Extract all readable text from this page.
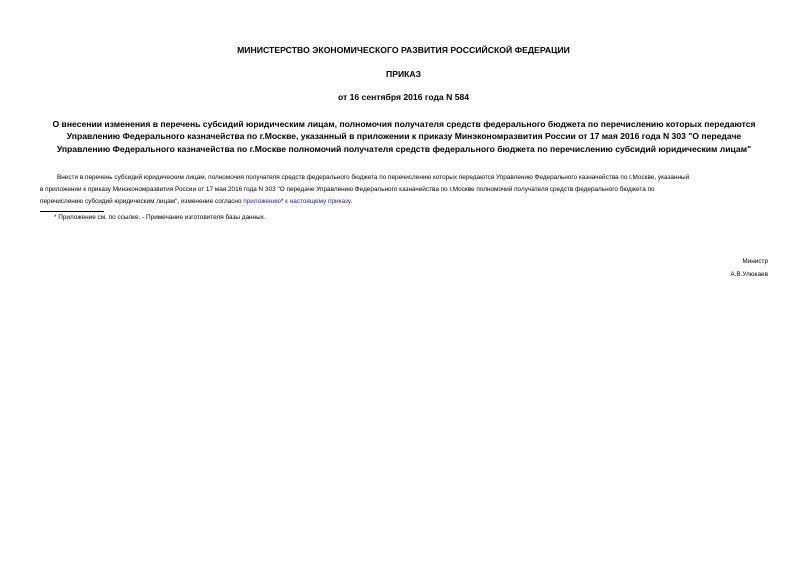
МИНИСТЕРСТВО ЭКОНОМИЧЕСКОГО РАЗВИТИЯ РОССИЙСКОЙ ФЕДЕРАЦИИ
ПРИКАЗ
от 16 сентября 2016 года N 584
О внесении изменения в перечень субсидий юридическим лицам, полномочия получателя средств федерального бюджета по перечислению которых передаются
Управлению Федерального казначейства по г.Москве, указанный в приложении к приказу Минэкономразвития России от 17 мая 2016 года N 303 "О передаче
Управлению Федерального казначейства по г.Москве полномочий получателя средств федерального бюджета по перечислению субсидий юридическим лицам"
Внести в перечень субсидий юридическим лицам, полномочия получателя средств федерального бюджета по перечислению которых передаются Управлению Федерального казначейства по г.Москве, указанный
в приложении к приказу Минэкономразвития России от 17 мая 2016 года N 303 "О передаче Управлению Федерального казначейства по г.Москве полномочий получателя средств федерального бюджета по
перечислению субсидий юридическим лицам", изменение согласно приложению* к настоящему приказу.
* Приложение см. по ссылке. - Примечание изготовителя базы данных.
Министр
А.В.Улюкаев
